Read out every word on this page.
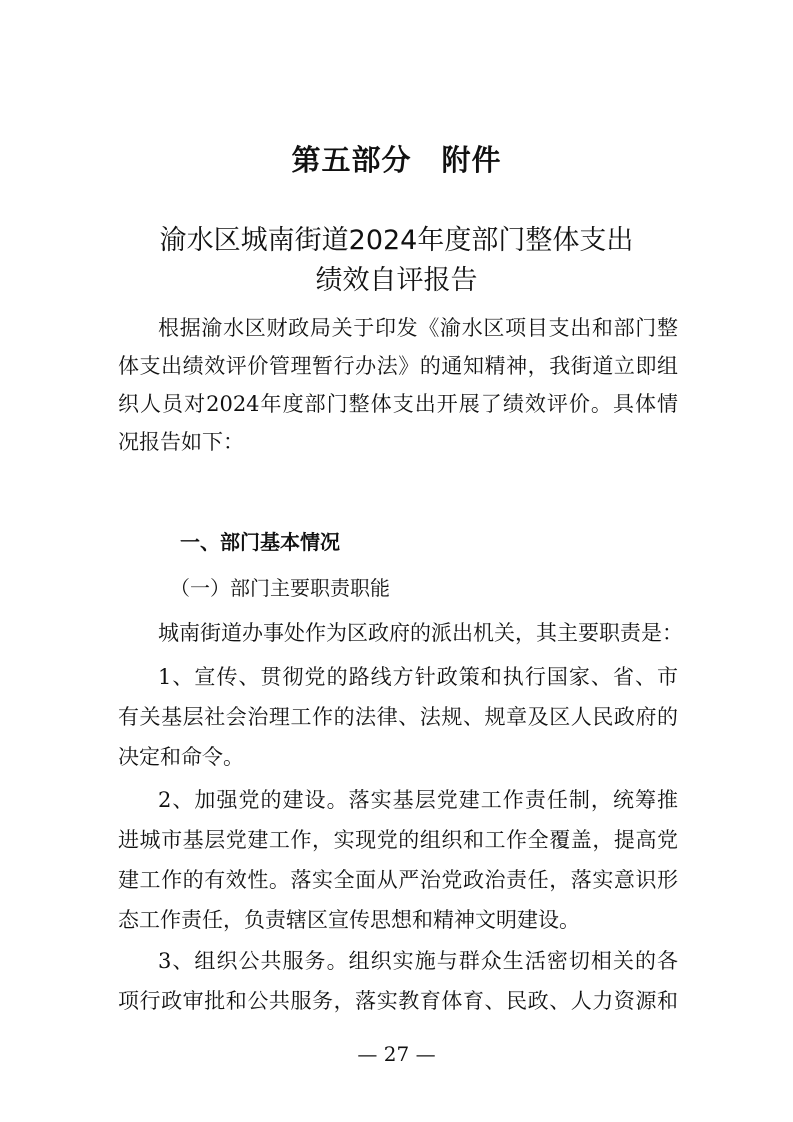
第五部分　附件
渝水区城南街道2024年度部门整体支出
绩效自评报告
根据渝水区财政局关于印发《渝水区项目支出和部门整
体支出绩效评价管理暂行办法》的通知精神，我街道立即组
织人员对2024年度部门整体支出开展了绩效评价。具体情
况报告如下：
一、部门基本情况
（一）部门主要职责职能
城南街道办事处作为区政府的派出机关，其主要职责是：
1、宣传、贯彻党的路线方针政策和执行国家、省、市
有关基层社会治理工作的法律、法规、规章及区人民政府的
决定和命令。
2、加强党的建设。落实基层党建工作责任制，统筹推
进城市基层党建工作，实现党的组织和工作全覆盖，提高党
建工作的有效性。落实全面从严治党政治责任，落实意识形
态工作责任，负责辖区宣传思想和精神文明建设。
3、组织公共服务。组织实施与群众生活密切相关的各
项行政审批和公共服务，落实教育体育、民政、人力资源和
— 27 —
